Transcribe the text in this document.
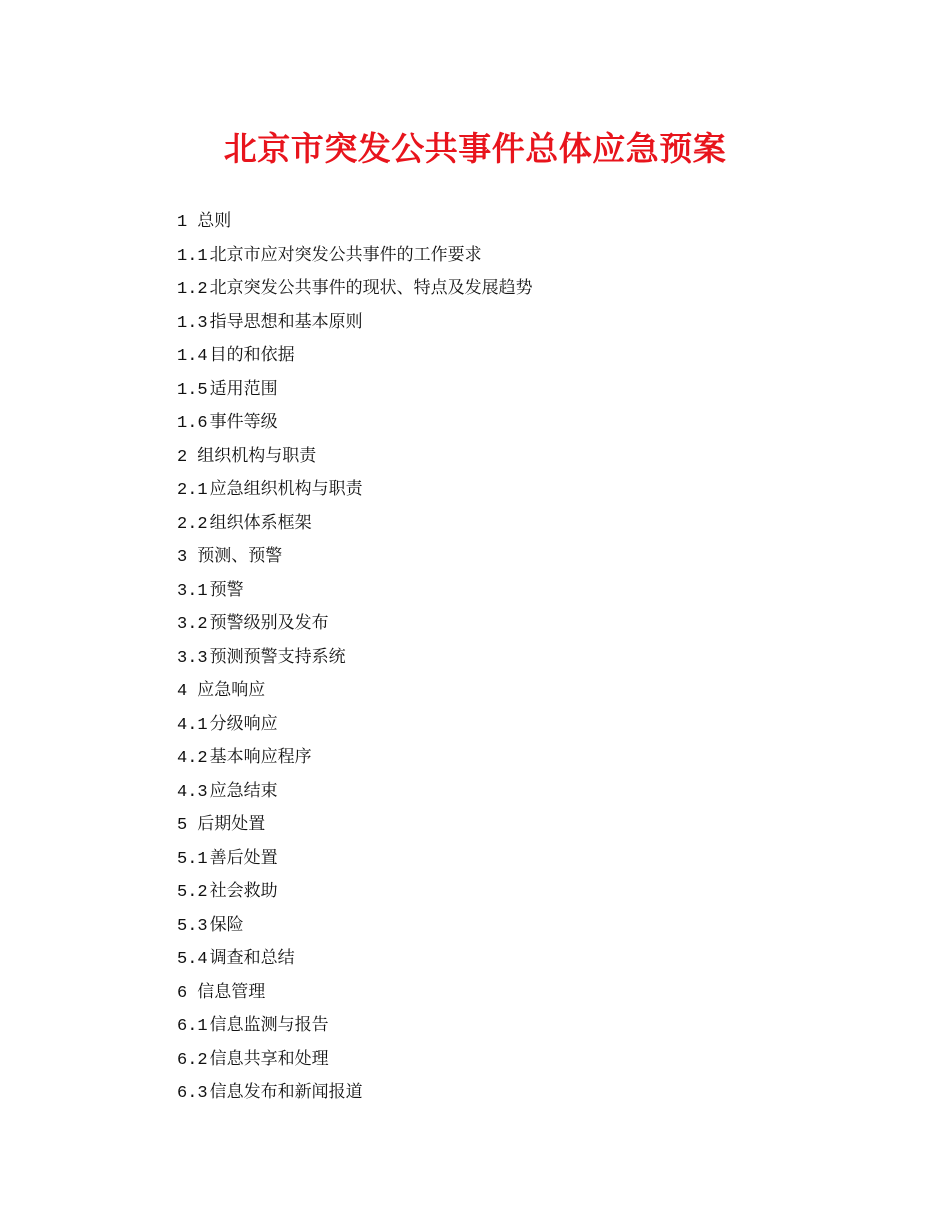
北京市突发公共事件总体应急预案
1 总则
1.1 北京市应对突发公共事件的工作要求
1.2 北京突发公共事件的现状、特点及发展趋势
1.3 指导思想和基本原则
1.4 目的和依据
1.5 适用范围
1.6 事件等级
2 组织机构与职责
2.1 应急组织机构与职责
2.2 组织体系框架
3 预测、预警
3.1 预警
3.2 预警级别及发布
3.3 预测预警支持系统
4 应急响应
4.1 分级响应
4.2 基本响应程序
4.3 应急结束
5 后期处置
5.1 善后处置
5.2 社会救助
5.3 保险
5.4 调查和总结
6 信息管理
6.1 信息监测与报告
6.2 信息共享和处理
6.3 信息发布和新闻报道
